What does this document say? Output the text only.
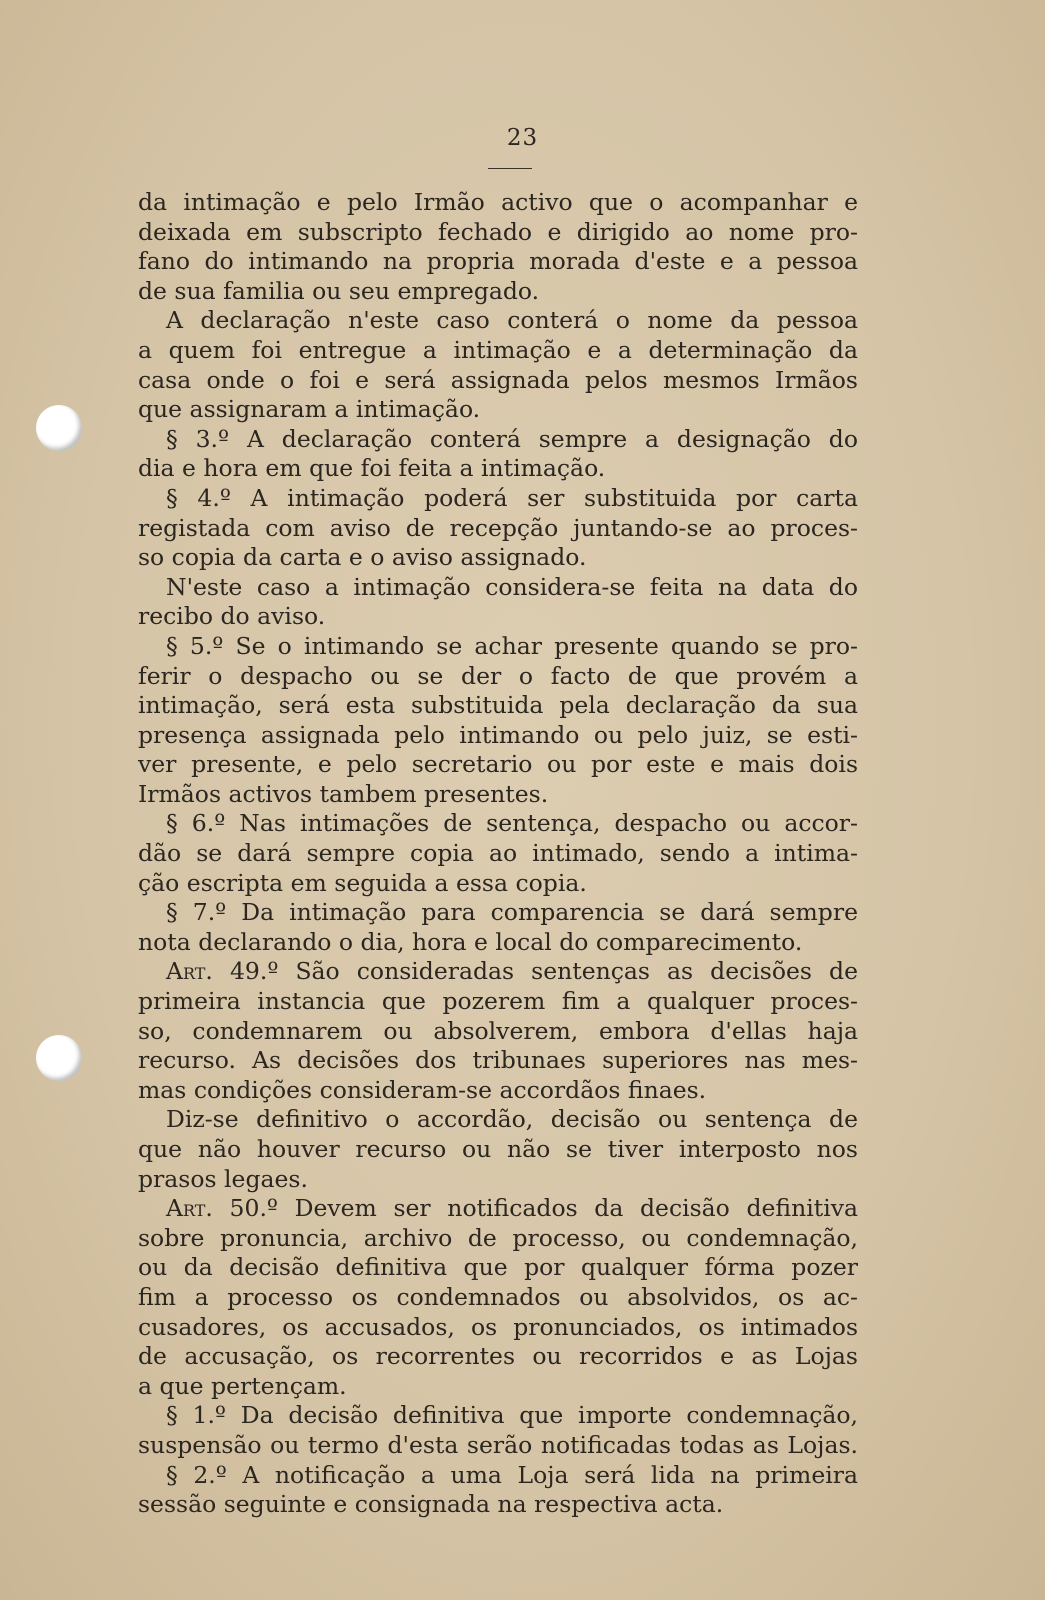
23
da intimação e pelo Irmão activo que o acompanhar e
deixada em subscripto fechado e dirigido ao nome pro-
fano do intimando na propria morada d'este e a pessoa
de sua familia ou seu empregado.
A declaração n'este caso conterá o nome da pessoa
a quem foi entregue a intimação e a determinação da
casa onde o foi e será assignada pelos mesmos Irmãos
que assignaram a intimação.
§ 3.º A declaração conterá sempre a designação do
dia e hora em que foi feita a intimação.
§ 4.º A intimação poderá ser substituida por carta
registada com aviso de recepção juntando-se ao proces-
so copia da carta e o aviso assignado.
N'este caso a intimação considera-se feita na data do
recibo do aviso.
§ 5.º Se o intimando se achar presente quando se pro-
ferir o despacho ou se der o facto de que provém a
intimação, será esta substituida pela declaração da sua
presença assignada pelo intimando ou pelo juiz, se esti-
ver presente, e pelo secretario ou por este e mais dois
Irmãos activos tambem presentes.
§ 6.º Nas intimações de sentença, despacho ou accor-
dão se dará sempre copia ao intimado, sendo a intima-
ção escripta em seguida a essa copia.
§ 7.º Da intimação para comparencia se dará sempre
nota declarando o dia, hora e local do comparecimento.
Art. 49.º São consideradas sentenças as decisões de
primeira instancia que pozerem fim a qualquer proces-
so, condemnarem ou absolverem, embora d'ellas haja
recurso. As decisões dos tribunaes superiores nas mes-
mas condições consideram-se accordãos finaes.
Diz-se definitivo o accordão, decisão ou sentença de
que não houver recurso ou não se tiver interposto nos
prasos legaes.
Art. 50.º Devem ser notificados da decisão definitiva
sobre pronuncia, archivo de processo, ou condemnação,
ou da decisão definitiva que por qualquer fórma pozer
fim a processo os condemnados ou absolvidos, os ac-
cusadores, os accusados, os pronunciados, os intimados
de accusação, os recorrentes ou recorridos e as Lojas
a que pertençam.
§ 1.º Da decisão definitiva que importe condemnação,
suspensão ou termo d'esta serão notificadas todas as Lojas.
§ 2.º A notificação a uma Loja será lida na primeira
sessão seguinte e consignada na respectiva acta.
